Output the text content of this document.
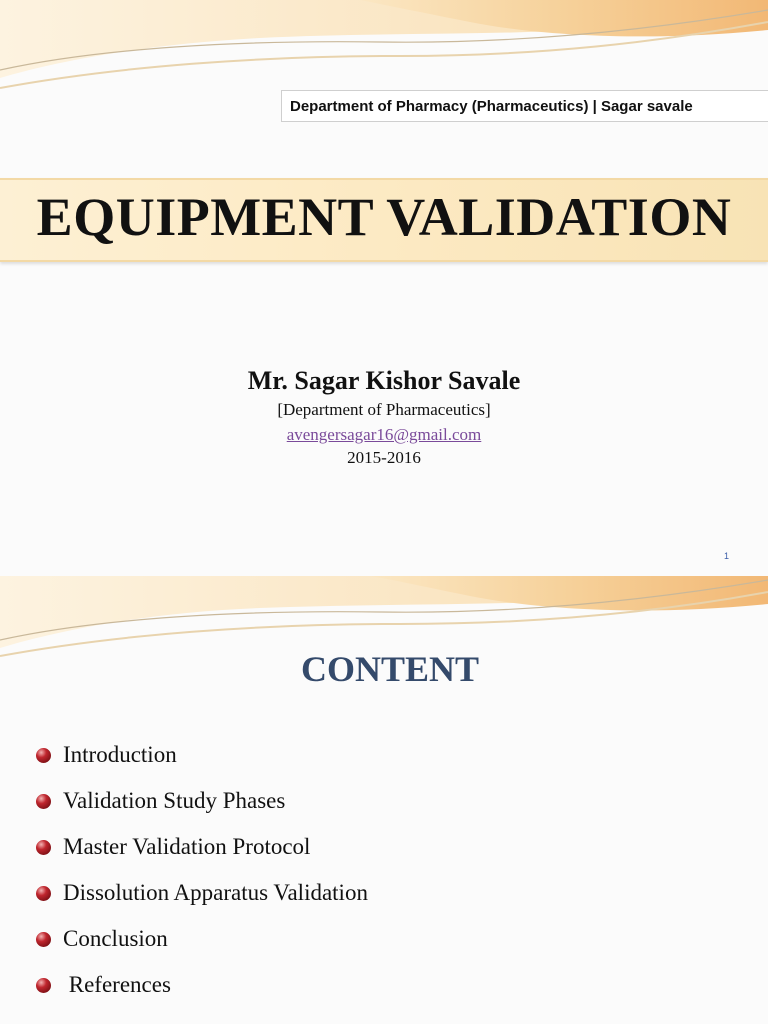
Department of Pharmacy (Pharmaceutics) | Sagar savale
EQUIPMENT VALIDATION
Mr. Sagar Kishor Savale
[Department of Pharmaceutics]
avengersagar16@gmail.com
2015-2016
1
CONTENT
Introduction
Validation Study Phases
Master Validation Protocol
Dissolution Apparatus Validation
Conclusion
References
